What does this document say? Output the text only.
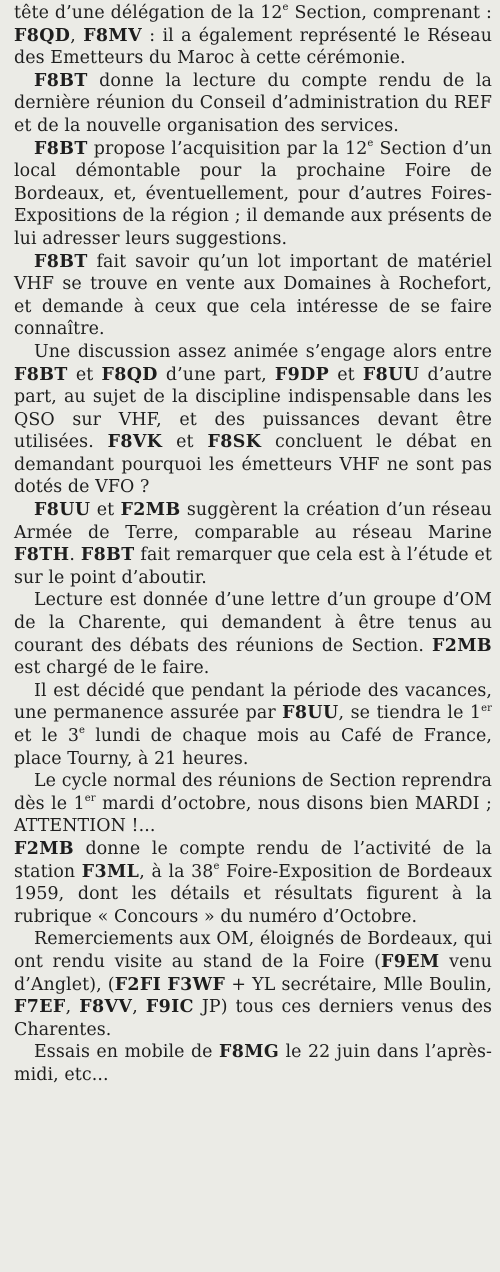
tête d’une délégation de la 12e Section, comprenant : F8QD, F8MV : il a également représenté le Réseau des Emetteurs du Maroc à cette cérémonie.

F8BT donne la lecture du compte rendu de la dernière réunion du Conseil d’administration du REF et de la nouvelle organisation des services.

F8BT propose l’acquisition par la 12e Section d’un local démontable pour la prochaine Foire de Bordeaux, et, éventuellement, pour d’autres Foires-Expositions de la région ; il demande aux présents de lui adresser leurs suggestions.

F8BT fait savoir qu’un lot important de matériel VHF se trouve en vente aux Domaines à Rochefort, et demande à ceux que cela intéresse de se faire connaître.

Une discussion assez animée s’engage alors entre F8BT et F8QD d’une part, F9DP et F8UU d’autre part, au sujet de la discipline indispensable dans les QSO sur VHF, et des puissances devant être utilisées. F8VK et F8SK concluent le débat en demandant pourquoi les émetteurs VHF ne sont pas dotés de VFO ?

F8UU et F2MB suggèrent la création d’un réseau Armée de Terre, comparable au réseau Marine F8TH. F8BT fait remarquer que cela est à l’étude et sur le point d’aboutir.

Lecture est donnée d’une lettre d’un groupe d’OM de la Charente, qui demandent à être tenus au courant des débats des réunions de Section. F2MB est chargé de le faire.

Il est décidé que pendant la période des vacances, une permanence assurée par F8UU, se tiendra le 1er et le 3e lundi de chaque mois au Café de France, place Tourny, à 21 heures.

Le cycle normal des réunions de Section reprendra dès le 1er mardi d’octobre, nous disons bien MARDI ; ATTENTION !...

F2MB donne le compte rendu de l’activité de la station F3ML, à la 38e Foire-Exposition de Bordeaux 1959, dont les détails et résultats figurent à la rubrique « Concours » du numéro d’Octobre.

Remerciements aux OM, éloignés de Bordeaux, qui ont rendu visite au stand de la Foire (F9EM venu d’Anglet), (F2FI F3WF + YL secrétaire, Mlle Boulin, F7EF, F8VV, F9IC JP) tous ces derniers venus des Charentes.

Essais en mobile de F8MG le 22 juin dans l’après-midi, etc...
